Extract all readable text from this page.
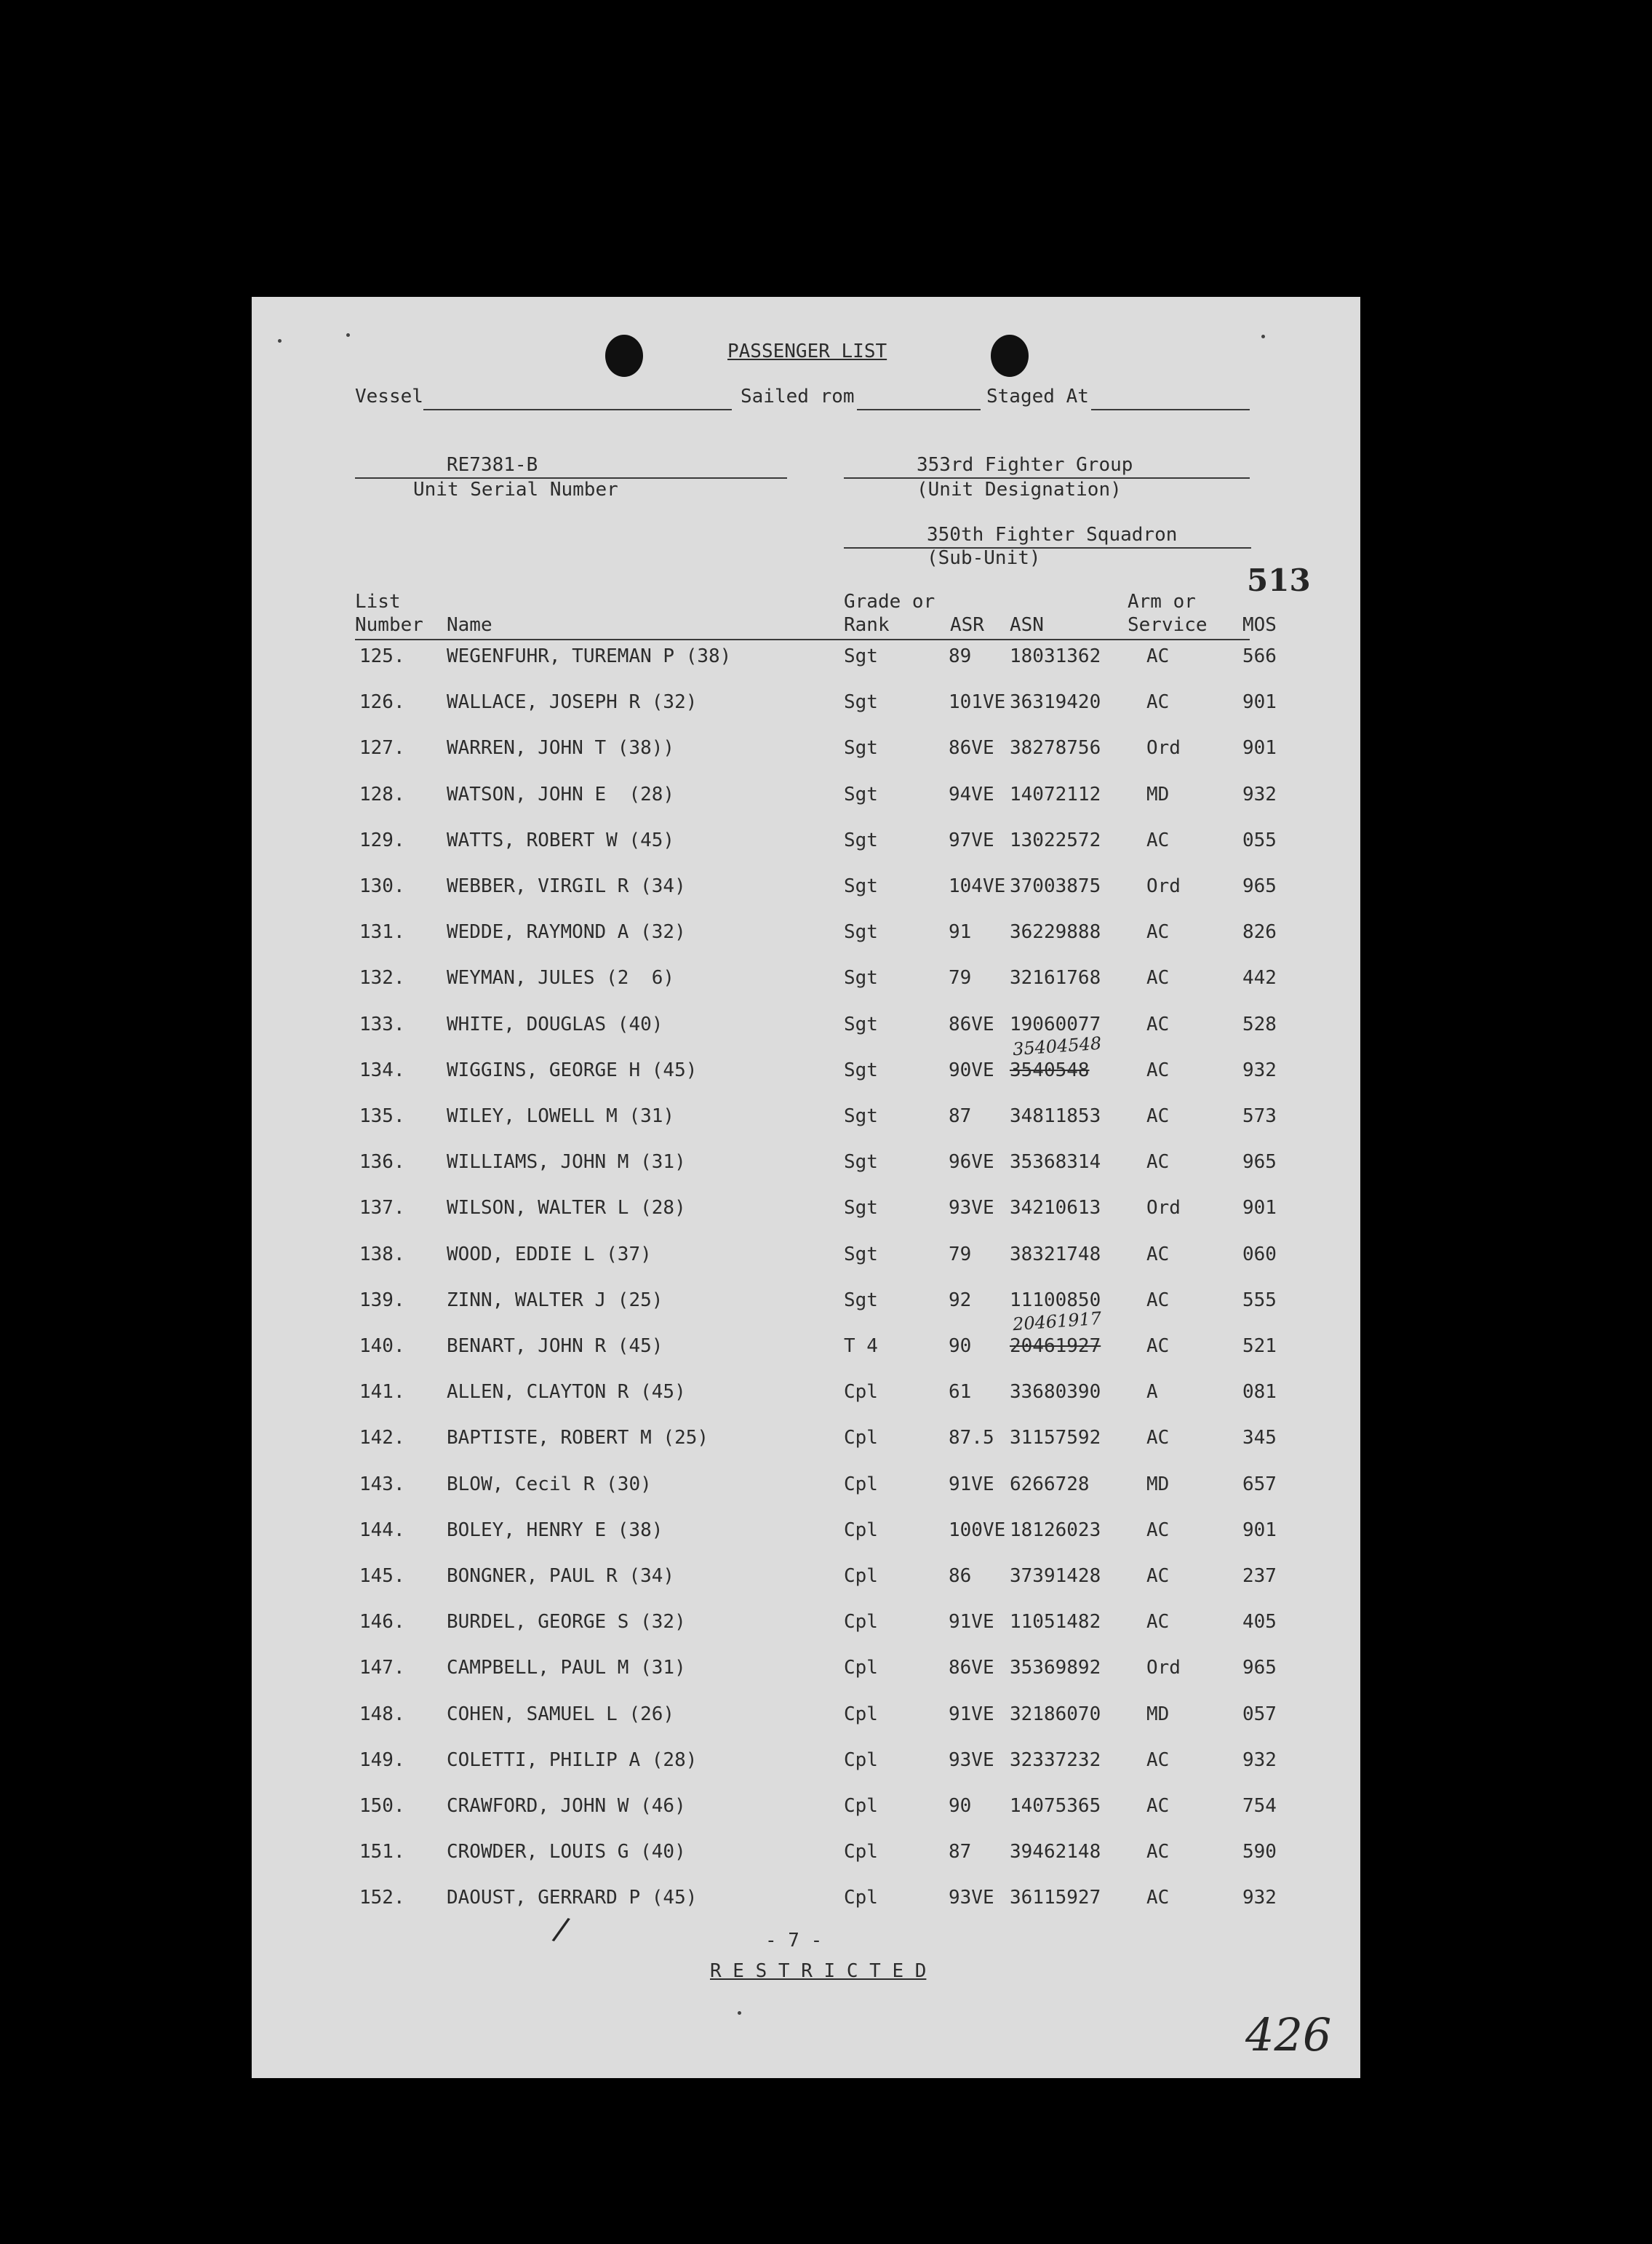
PASSENGER LIST
Vessel	Sailed rom	Staged At
RE7381-B
Unit Serial Number
353rd Fighter Group
(Unit Designation)
350th Fighter Squadron
(Sub-Unit)
513
List
Number Name
Grade or
Rank	ASR ASN
Arm or
Service MOS
125. WEGENFUHR, TUREMAN P (38)	Sgt	89 18031362 AC	566
126. WALLACE, JOSEPH R (32)	Sgt	101VE 36319420 AC	901
127. WARREN, JOHN T (38))	Sgt	86VE 38278756 Ord	901
128. WATSON, JOHN E  (28)	Sgt	94VE 14072112 MD	932
129. WATTS, ROBERT W (45)	Sgt	97VE 13022572 AC	055
130. WEBBER, VIRGIL R (34)	Sgt	104VE 37003875 Ord	965
131. WEDDE, RAYMOND A (32)	Sgt	91 36229888 AC	826
132. WEYMAN, JULES (2  6)	Sgt	79 32161768 AC	442
133. WHITE, DOUGLAS (40)	Sgt	86VE 19060077 AC	528
134. WIGGINS, GEORGE H (45)	Sgt	90VE 3540548	AC	932
135. WILEY, LOWELL M (31)	Sgt	87 34811853 AC	573
136. WILLIAMS, JOHN M (31)	Sgt	96VE 35368314 AC	965
137. WILSON, WALTER L (28)	Sgt	93VE 34210613 Ord	901
138. WOOD, EDDIE L (37)	Sgt	79 38321748 AC	060
139. ZINN, WALTER J (25)	Sgt	92 11100850 AC	555
140. BENART, JOHN R (45)	T 4	90 20461927 AC	521
141. ALLEN, CLAYTON R (45)	Cpl	61 33680390 A	081
142. BAPTISTE, ROBERT M (25)	Cpl	87.5 31157592 AC	345
143. BLOW, Cecil R (30)	Cpl	91VE 6266728	MD	657
144. BOLEY, HENRY E (38)	Cpl	100VE 18126023 AC	901
145. BONGNER, PAUL R (34)	Cpl	86 37391428 AC	237
146. BURDEL, GEORGE S (32)	Cpl	91VE 11051482 AC	405
147. CAMPBELL, PAUL M (31)	Cpl	86VE 35369892 Ord	965
148. COHEN, SAMUEL L (26)	Cpl	91VE 32186070 MD	057
149. COLETTI, PHILIP A (28)	Cpl	93VE 32337232 AC	932
150. CRAWFORD, JOHN W (46)	Cpl	90 14075365 AC	754
151. CROWDER, LOUIS G (40)	Cpl	87 39462148 AC	590
152. DAOUST, GERRARD P (45)	Cpl	93VE 36115927 AC	932
35404548
20461917
/	- 7 -
R E S T R I C T E D
426
